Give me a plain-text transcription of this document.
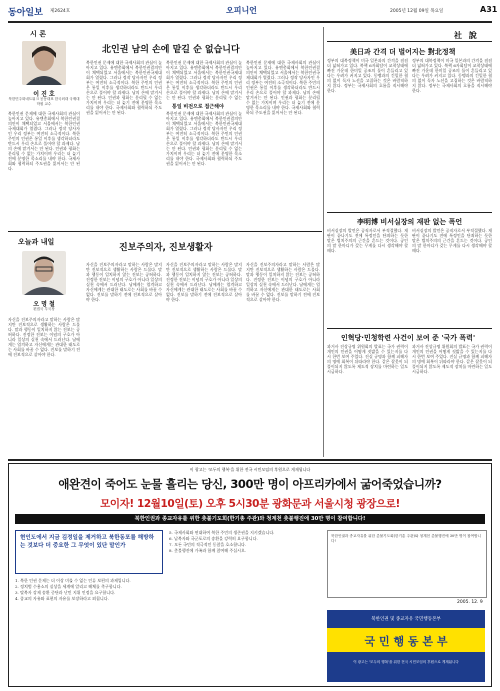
동아일보 제2624호	오피니언	2005년 12월 09일 목요일	A31
시 론
이 진 호
북한민주화네트워크 공동대표 한국외대 국제대학원 교수
북한인권 문제에 대한 국제사회의 관심이 높아지고 있다. 유엔총회에서 북한인권결의안이 채택되었고 서울에서는 북한인권국제대회가 열렸다. 그러나 정작 당사자인 우리 정부는 여전히 소극적이다. 북한 주민의 인권은 통일 이후를 생각하더라도 반드시 우리 손으로 풀어야 할 과제다. 남의 손에 맡겨서는 안 된다. 인권과 평화는 분리될 수 없는 가치이며 우리는 더 늦기 전에 분명한 목소리를 내야 한다. 국제사회와 협력하되 주도권을 잃어서는 안 된다.
北인권 남의 손에 맡길 순 없습니다
북한인권 문제에 대한 국제사회의 관심이 높아지고 있다. 유엔총회에서 북한인권결의안이 채택되었고 서울에서는 북한인권국제대회가 열렸다. 그러나 정작 당사자인 우리 정부는 여전히 소극적이다. 북한 주민의 인권은 통일 이후를 생각하더라도 반드시 우리 손으로 풀어야 할 과제다. 남의 손에 맡겨서는 안 된다. 인권과 평화는 분리될 수 없는 가치이며 우리는 더 늦기 전에 분명한 목소리를 내야 한다. 국제사회와 협력하되 주도권을 잃어서는 안 된다.
북한인권 문제에 대한 국제사회의 관심이 높아지고 있다. 유엔총회에서 북한인권결의안이 채택되었고 서울에서는 북한인권국제대회가 열렸다. 그러나 정작 당사자인 우리 정부는 여전히 소극적이다. 북한 주민의 인권은 통일 이후를 생각하더라도 반드시 우리 손으로 풀어야 할 과제다. 남의 손에 맡겨서는 안 된다. 인권과 평화는 분리될 수 없는
통일 비전으로 접근해야
북한인권 문제에 대한 국제사회의 관심이 높아지고 있다. 유엔총회에서 북한인권결의안이 채택되었고 서울에서는 북한인권국제대회가 열렸다. 그러나 정작 당사자인 우리 정부는 여전히 소극적이다. 북한 주민의 인권은 통일 이후를 생각하더라도 반드시 우리 손으로 풀어야 할 과제다. 남의 손에 맡겨서는 안 된다. 인권과 평화는 분리될 수 없는 가치이며 우리는 더 늦기 전에 분명한 목소리를 내야 한다. 국제사회와 협력하되 주도권을 잃어서는 안 된다.
북한인권 문제에 대한 국제사회의 관심이 높아지고 있다. 유엔총회에서 북한인권결의안이 채택되었고 서울에서는 북한인권국제대회가 열렸다. 그러나 정작 당사자인 우리 정부는 여전히 소극적이다. 북한 주민의 인권은 통일 이후를 생각하더라도 반드시 우리 손으로 풀어야 할 과제다. 남의 손에 맡겨서는 안 된다. 인권과 평화는 분리될 수 없는 가치이며 우리는 더 늦기 전에 분명한 목소리를 내야 한다. 국제사회와 협력하되 주도권을 잃어서는 안 된다.
오늘과 내일
오 명 철
편집국 부국장
자신을 진보주의자라고 말하는 사람은 많지만 진보적으로 생활하는 사람은 드물다. 말과 행동이 일치하지 않는 진보는 공허하다. 진정한 진보는 이념의 구호가 아니라 일상의 실천 속에서 드러난다. 남에게는 엄격하고 자신에게는 관대한 태도로는 사회를 바꿀 수 없다. 진보를 말하기 전에 진보적으로 살아야 한다.
진보주의자, 진보생활자
자신을 진보주의자라고 말하는 사람은 많지만 진보적으로 생활하는 사람은 드물다. 말과 행동이 일치하지 않는 진보는 공허하다. 진정한 진보는 이념의 구호가 아니라 일상의 실천 속에서 드러난다. 남에게는 엄격하고 자신에게는 관대한 태도로는 사회를 바꿀 수 없다. 진보를 말하기 전에 진보적으로 살아야 한다.
자신을 진보주의자라고 말하는 사람은 많지만 진보적으로 생활하는 사람은 드물다. 말과 행동이 일치하지 않는 진보는 공허하다. 진정한 진보는 이념의 구호가 아니라 일상의 실천 속에서 드러난다. 남에게는 엄격하고 자신에게는 관대한 태도로는 사회를 바꿀 수 없다. 진보를 말하기 전에 진보적으로 살아야 한다.
자신을 진보주의자라고 말하는 사람은 많지만 진보적으로 생활하는 사람은 드물다. 말과 행동이 일치하지 않는 진보는 공허하다. 진정한 진보는 이념의 구호가 아니라 일상의 실천 속에서 드러난다. 남에게는 엄격하고 자신에게는 관대한 태도로는 사회를 바꿀 수 없다. 진보를 말하기 전에 진보적으로 살아야 한다.
社 說
美日과 간격 더 벌어지는 對北정책
정부의 대북정책이 미국 일본과의 간격을 점점 더 넓혀가고 있다. 북핵 6자회담이 교착상태에 빠진 가운데 한미일 공조의 틀이 흔들리고 있다는 우려가 커지고 있다. 동맹과의 긴밀한 협의 없이 독자 노선을 고집하는 것은 바람직하지 않다. 정부는 국제사회의 흐름을 직시해야 한다.
정부의 대북정책이 미국 일본과의 간격을 점점 더 넓혀가고 있다. 북핵 6자회담이 교착상태에 빠진 가운데 한미일 공조의 틀이 흔들리고 있다는 우려가 커지고 있다. 동맹과의 긴밀한 협의 없이 독자 노선을 고집하는 것은 바람직하지 않다. 정부는 국제사회의 흐름을 직시해야 한다.
李明博 비서실장의 재판 없는 폭언
비서실장의 발언은 공직자로서 부적절했다. 재판이 끝나기도 전에 특정인을 단죄하는 듯한 말은 법치주의의 근간을 흔드는 것이다. 공인의 말 한마디가 갖는 무게를 다시 생각해야 할 때다.
비서실장의 발언은 공직자로서 부적절했다. 재판이 끝나기도 전에 특정인을 단죄하는 듯한 말은 법치주의의 근간을 흔드는 것이다. 공인의 말 한마디가 갖는 무게를 다시 생각해야 할 때다.
인혁당·민청학련 사건이 보여 준 '국가 폭력'
과거사 진상규명 위원회의 발표는 국가 권력이 개인의 인권을 어떻게 짓밟을 수 있는지를 다시 한번 보여 주었다. 진실 규명과 함께 피해자의 명예 회복이 뒤따라야 한다. 같은 잘못이 되풀이되지 않도록 제도적 장치를 마련하는 일도 시급하다.
과거사 진상규명 위원회의 발표는 국가 권력이 개인의 인권을 어떻게 짓밟을 수 있는지를 다시 한번 보여 주었다. 진실 규명과 함께 피해자의 명예 회복이 뒤따라야 한다. 같은 잘못이 되풀이되지 않도록 제도적 장치를 마련하는 일도 시급하다.
이 광고는 '모두의 행복'을 위한 전국 시민모임의 후원으로 게재됩니다
애완견이 죽어도 눈물 흘리는 당신, 300만 명이 아프리카에서 굶어죽었습니까?
모이자! 12월10일(토) 오후 5시30분 광화문과 서울시청 광장으로!
북한인권과 종교자유를 위한 촛불기도회(한기총 주관)와 청계천 촛불행진에 30만 명이 참여합니다!
현인도에서 지금 김정일을 제거하고 북한동포를 해방하는 것보다 더 중요한 그 무엇이 있단 말인가
1. 북한 인권 문제는 더 이상 미룰 수 없는 인류 보편의 과제입니다.
2. 정치범 수용소의 실상을 세계에 알리고 해체를 촉구합니다.
3. 탈북자 강제 송환 중단과 난민 지위 인정을 요구합니다.
4. 종교의 자유와 표현의 자유를 보장하라고 외칩니다.
5. 국제사회와 연대하여 북한 주민의 생존권을 지키겠습니다.
6. 납북자와 국군포로의 송환을 강력히 요구합니다.
7. 모든 국민의 적극적인 동참을 호소합니다.
8. 촛불행진에 가족과 함께 참여해 주십시오.
북한인권과 종교자유를 위한 촛불기도회(한기총 주관)와 청계천 촛불행진에 30만 명이 참여합니다!
2005. 12. 9
북한인권 및 종교자유 국민행동본부
국 민 행 동 본 부
이 광고는 '모두의 행복'을 위한 전국 시민모임의 후원으로 게재됩니다
